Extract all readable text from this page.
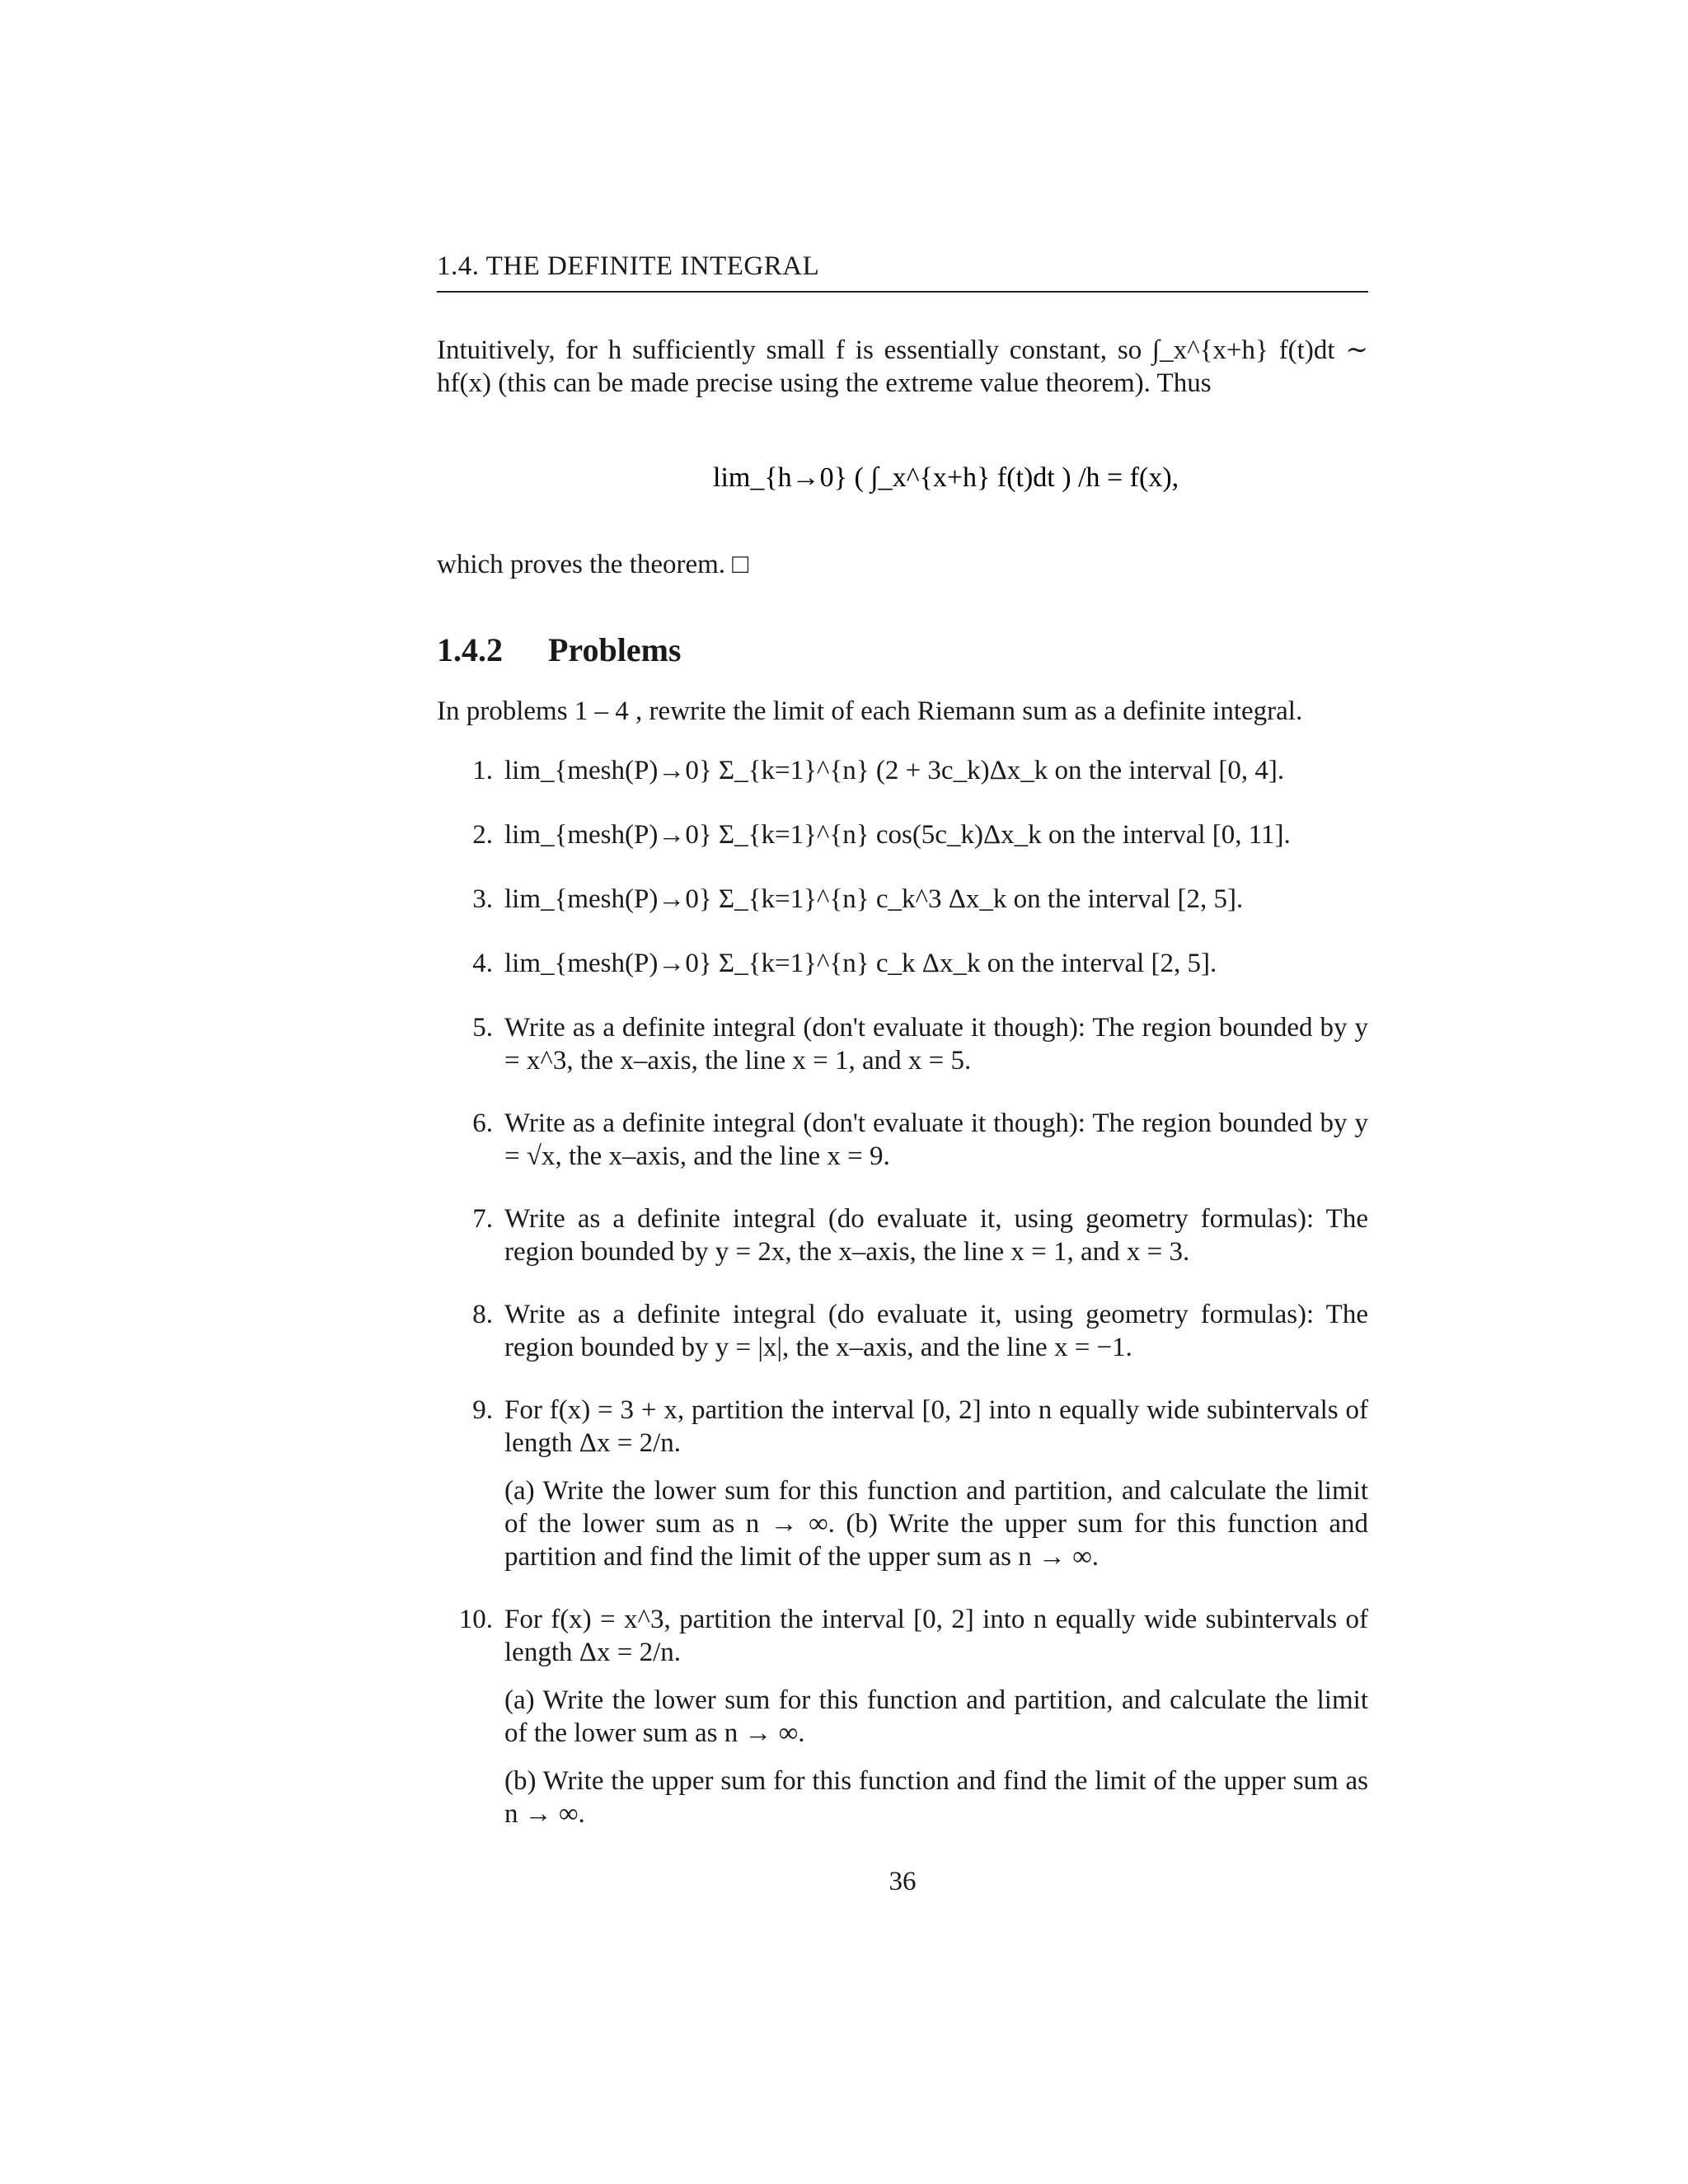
1.4. THE DEFINITE INTEGRAL
Intuitively, for h sufficiently small f is essentially constant, so ∫_x^{x+h} f(t)dt ∼ hf(x) (this can be made precise using the extreme value theorem). Thus
lim_{h→0} ( ∫_x^{x+h} f(t)dt ) /h = f(x),
which proves the theorem. □
1.4.2 Problems
In problems 1 – 4 , rewrite the limit of each Riemann sum as a definite integral.
1. lim_{mesh(P)→0} Σ_{k=1}^{n} (2 + 3c_k)Δx_k on the interval [0, 4].
2. lim_{mesh(P)→0} Σ_{k=1}^{n} cos(5c_k)Δx_k on the interval [0, 11].
3. lim_{mesh(P)→0} Σ_{k=1}^{n} c_k^3 Δx_k on the interval [2, 5].
4. lim_{mesh(P)→0} Σ_{k=1}^{n} c_k Δx_k on the interval [2, 5].
5. Write as a definite integral (don't evaluate it though): The region bounded by y = x^3, the x–axis, the line x = 1, and x = 5.
6. Write as a definite integral (don't evaluate it though): The region bounded by y = √x, the x–axis, and the line x = 9.
7. Write as a definite integral (do evaluate it, using geometry formulas): The region bounded by y = 2x, the x–axis, the line x = 1, and x = 3.
8. Write as a definite integral (do evaluate it, using geometry formulas): The region bounded by y = |x|, the x–axis, and the line x = −1.
9. For f(x) = 3 + x, partition the interval [0, 2] into n equally wide subintervals of length Δx = 2/n.
(a) Write the lower sum for this function and partition, and calculate the limit of the lower sum as n → ∞. (b) Write the upper sum for this function and partition and find the limit of the upper sum as n → ∞.
10. For f(x) = x^3, partition the interval [0, 2] into n equally wide subintervals of length Δx = 2/n.
(a) Write the lower sum for this function and partition, and calculate the limit of the lower sum as n → ∞.
(b) Write the upper sum for this function and find the limit of the upper sum as n → ∞.
36
